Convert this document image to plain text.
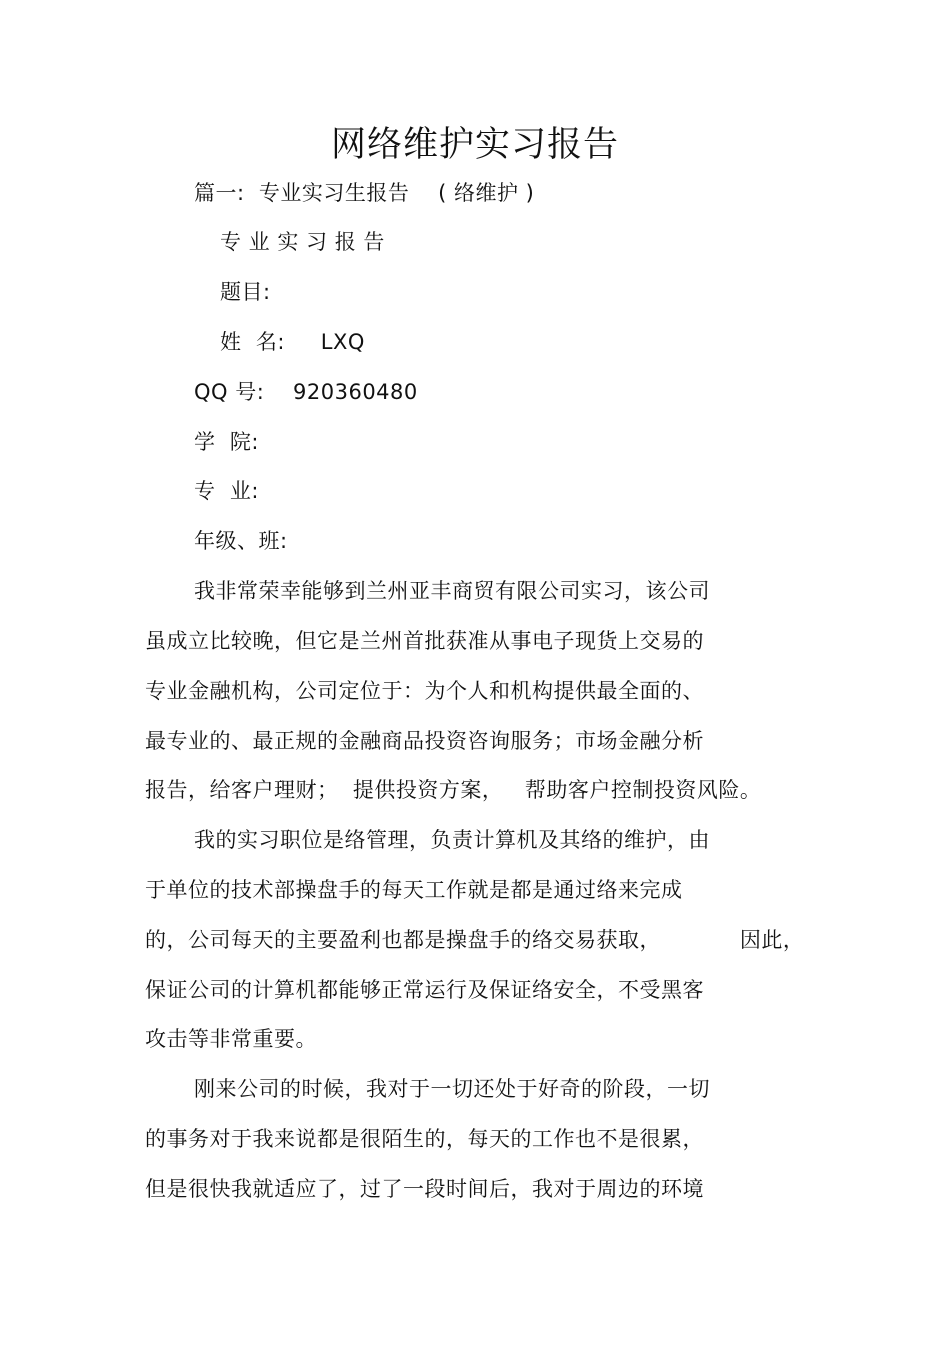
网络维护实习报告
篇一:  专业实习生报告    ( 络维护 )
专 业 实 习 报 告
题目:
姓  名:     LXQ
QQ 号:    920360480
学  院:
专  业:
年级、班:
我非常荣幸能够到兰州亚丰商贸有限公司实习，该公司
虽成立比较晚，但它是兰州首批获准从事电子现货上交易的
专业金融机构，公司定位于：为个人和机构提供最全面的、
最专业的、最正规的金融商品投资咨询服务；市场金融分析
报告，给客户理财；  提供投资方案，   帮助客户控制投资风险。
我的实习职位是络管理，负责计算机及其络的维护，由
于单位的技术部操盘手的每天工作就是都是通过络来完成
的，公司每天的主要盈利也都是操盘手的络交易获取，           因此，
保证公司的计算机都能够正常运行及保证络安全，不受黑客
攻击等非常重要。
刚来公司的时候，我对于一切还处于好奇的阶段，一切
的事务对于我来说都是很陌生的，每天的工作也不是很累，
但是很快我就适应了，过了一段时间后，我对于周边的环境
